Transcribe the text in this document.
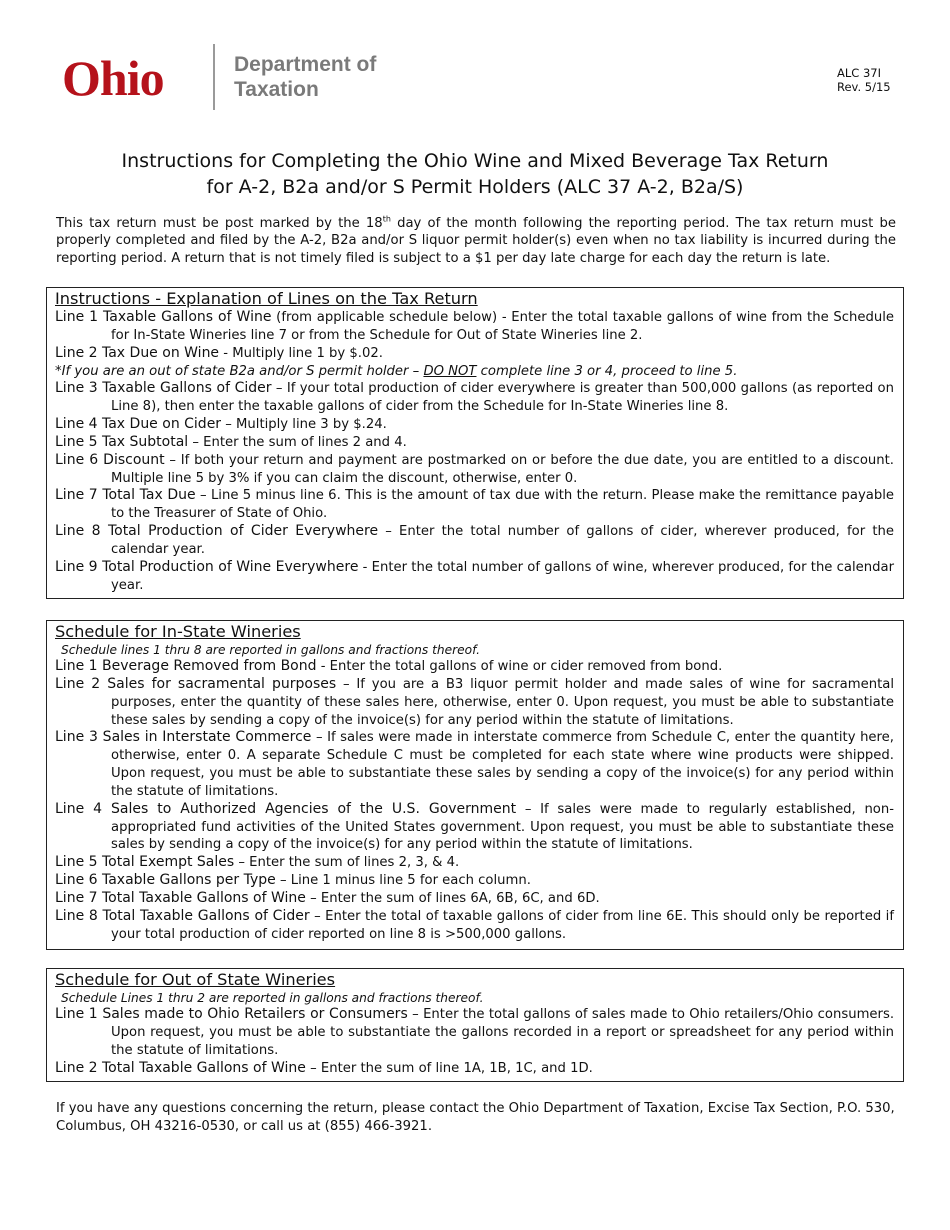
Ohio	Department of
Taxation
ALC 37I
Rev. 5/15
Instructions for Completing the Ohio Wine and Mixed Beverage Tax Return
for A-2, B2a and/or S Permit Holders (ALC 37 A-2, B2a/S)
This tax return must be post marked by the 18th day of the month following the reporting period. The tax return must be properly completed and filed by the A-2, B2a and/or S liquor permit holder(s) even when no tax liability is incurred during the reporting period. A return that is not timely filed is subject to a $1 per day late charge for each day the return is late.
Instructions - Explanation of Lines on the Tax Return
Line 1 Taxable Gallons of Wine (from applicable schedule below) - Enter the total taxable gallons of wine from the Schedule for In-State Wineries line 7 or from the Schedule for Out of State Wineries line 2.
Line 2 Tax Due on Wine - Multiply line 1 by $.02.
*If you are an out of state B2a and/or S permit holder – DO NOT complete line 3 or 4, proceed to line 5.
Line 3 Taxable Gallons of Cider – If your total production of cider everywhere is greater than 500,000 gallons (as reported on Line 8), then enter the taxable gallons of cider from the Schedule for In-State Wineries line 8.
Line 4 Tax Due on Cider – Multiply line 3 by $.24.
Line 5 Tax Subtotal – Enter the sum of lines 2 and 4.
Line 6 Discount – If both your return and payment are postmarked on or before the due date, you are entitled to a discount. Multiple line 5 by 3% if you can claim the discount, otherwise, enter 0.
Line 7 Total Tax Due – Line 5 minus line 6. This is the amount of tax due with the return. Please make the remittance payable to the Treasurer of State of Ohio.
Line 8 Total Production of Cider Everywhere – Enter the total number of gallons of cider, wherever produced, for the calendar year.
Line 9 Total Production of Wine Everywhere - Enter the total number of gallons of wine, wherever produced, for the calendar year.
Schedule for In-State Wineries
Schedule lines 1 thru 8 are reported in gallons and fractions thereof.
Line 1 Beverage Removed from Bond - Enter the total gallons of wine or cider removed from bond.
Line 2 Sales for sacramental purposes – If you are a B3 liquor permit holder and made sales of wine for sacramental purposes, enter the quantity of these sales here, otherwise, enter 0. Upon request, you must be able to substantiate these sales by sending a copy of the invoice(s) for any period within the statute of limitations.
Line 3 Sales in Interstate Commerce – If sales were made in interstate commerce from Schedule C, enter the quantity here, otherwise, enter 0. A separate Schedule C must be completed for each state where wine products were shipped. Upon request, you must be able to substantiate these sales by sending a copy of the invoice(s) for any period within the statute of limitations.
Line 4 Sales to Authorized Agencies of the U.S. Government – If sales were made to regularly established, non-appropriated fund activities of the United States government. Upon request, you must be able to substantiate these sales by sending a copy of the invoice(s) for any period within the statute of limitations.
Line 5 Total Exempt Sales – Enter the sum of lines 2, 3, & 4.
Line 6 Taxable Gallons per Type – Line 1 minus line 5 for each column.
Line 7 Total Taxable Gallons of Wine – Enter the sum of lines 6A, 6B, 6C, and 6D.
Line 8 Total Taxable Gallons of Cider – Enter the total of taxable gallons of cider from line 6E. This should only be reported if your total production of cider reported on line 8 is >500,000 gallons.
Schedule for Out of State Wineries
Schedule Lines 1 thru 2 are reported in gallons and fractions thereof.
Line 1 Sales made to Ohio Retailers or Consumers – Enter the total gallons of sales made to Ohio retailers/Ohio consumers. Upon request, you must be able to substantiate the gallons recorded in a report or spreadsheet for any period within the statute of limitations.
Line 2 Total Taxable Gallons of Wine – Enter the sum of line 1A, 1B, 1C, and 1D.
If you have any questions concerning the return, please contact the Ohio Department of Taxation, Excise Tax Section, P.O. 530, Columbus, OH 43216-0530, or call us at (855) 466-3921.
